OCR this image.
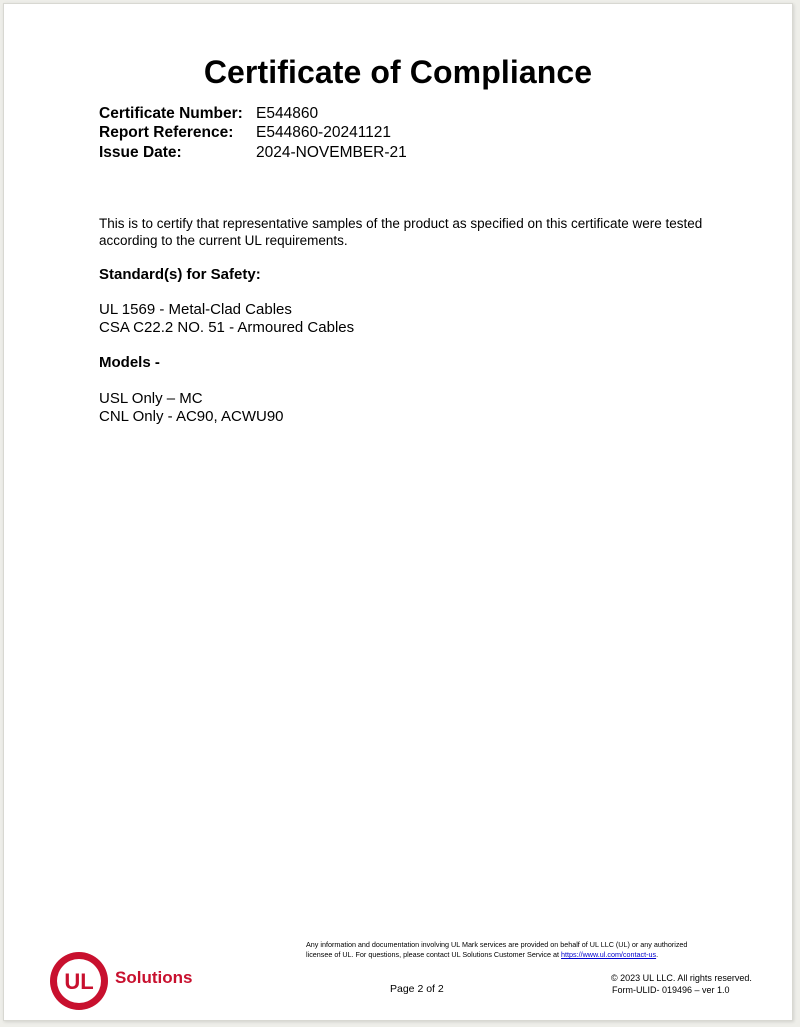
Certificate of Compliance
Certificate Number: E544860
Report Reference:	E544860-20241121
Issue Date:	2024-NOVEMBER-21
This is to certify that representative samples of the product as specified on this certificate were tested according to the current UL requirements.
Standard(s) for Safety:
UL 1569 - Metal-Clad Cables
CSA C22.2 NO. 51 - Armoured Cables
Models -
USL Only – MC
CNL Only - AC90, ACWU90
UL Solutions
Any information and documentation involving UL Mark services are provided on behalf of UL LLC (UL) or any authorized
licensee of UL. For questions, please contact UL Solutions Customer Service at https://www.ul.com/contact-us.
Page 2 of 2
© 2023 UL LLC. All rights reserved.
Form-ULID- 019496 – ver 1.0
